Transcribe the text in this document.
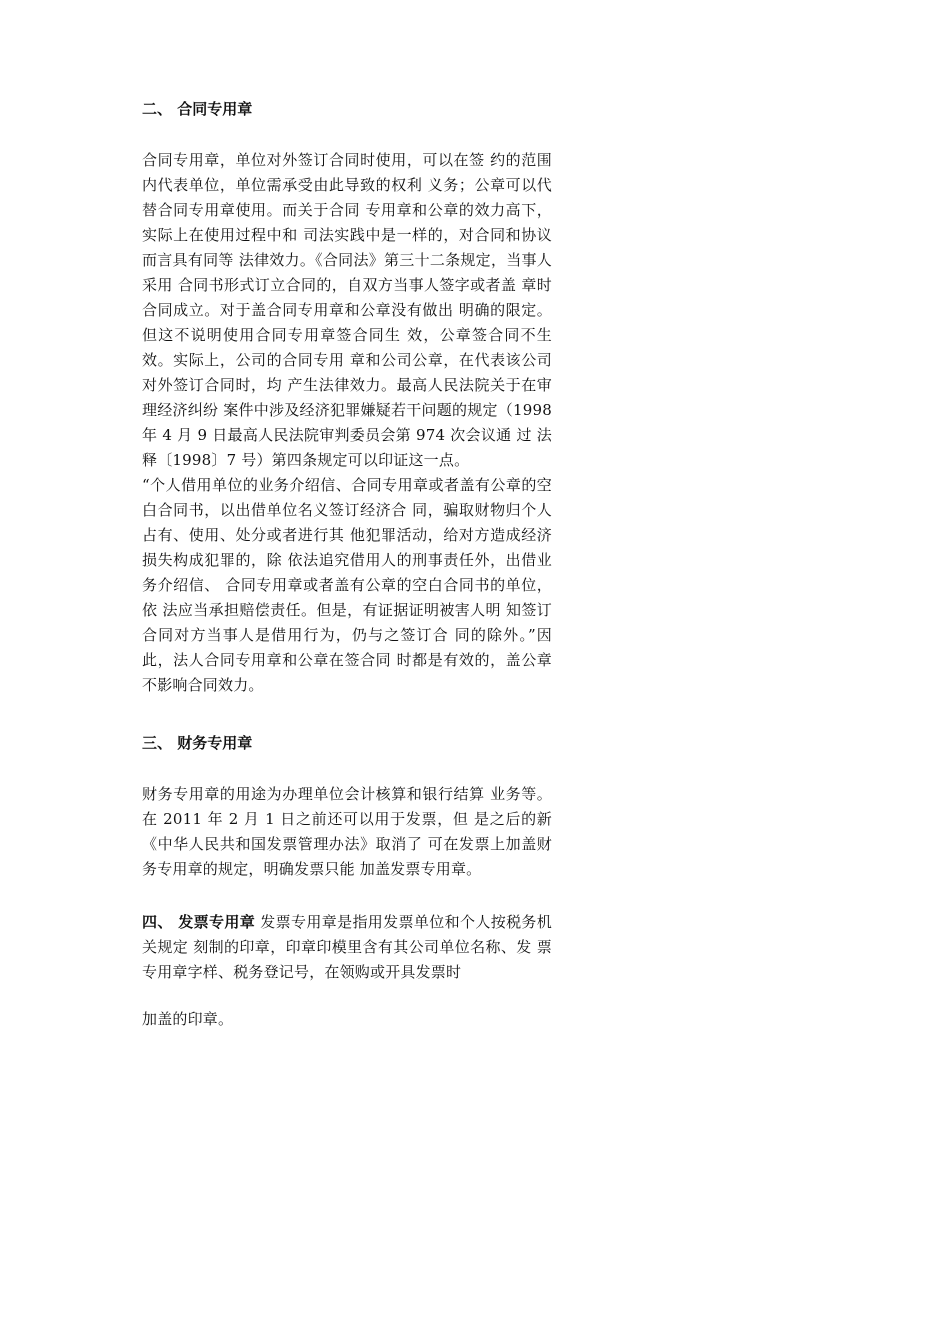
二、 合同专用章

合同专用章，单位对外签订合同时使用，可以在签 约的范围内代表单位，单位需承受由此导致的权利 义务；公章可以代替合同专用章使用。而关于合同 专用章和公章的效力高下，实际上在使用过程中和 司法实践中是一样的，对合同和协议而言具有同等 法律效力。《合同法》第三十二条规定，当事人采用 合同书形式订立合同的，自双方当事人签字或者盖 章时合同成立。对于盖合同专用章和公章没有做出 明确的限定。但这不说明使用合同专用章签合同生 效，公章签合同不生效。实际上，公司的合同专用 章和公司公章，在代表该公司对外签订合同时，均 产生法律效力。最高人民法院关于在审理经济纠纷 案件中涉及经济犯罪嫌疑若干问题的规定（1998 年 4 月 9 日最高人民法院审判委员会第 974 次会议通 过 法释〔1998〕7 号）第四条规定可以印证这一点。

“个人借用单位的业务介绍信、合同专用章或者盖有公章的空白合同书，以出借单位名义签订经济合 同，骗取财物归个人占有、使用、处分或者进行其 他犯罪活动，给对方造成经济损失构成犯罪的，除 依法追究借用人的刑事责任外，出借业务介绍信、 合同专用章或者盖有公章的空白合同书的单位，依 法应当承担赔偿责任。但是，有证据证明被害人明 知签订合同对方当事人是借用行为，仍与之签订合 同的除外。”因此，法人合同专用章和公章在签合同 时都是有效的，盖公章不影响合同效力。

三、 财务专用章

财务专用章的用途为办理单位会计核算和银行结算 业务等。在 2011 年 2 月 1 日之前还可以用于发票，但 是之后的新《中华人民共和国发票管理办法》取消了 可在发票上加盖财务专用章的规定，明确发票只能 加盖发票专用章。

四、 发票专用章 发票专用章是指用发票单位和个人按税务机关规定 刻制的印章，印章印模里含有其公司单位名称、发 票专用章字样、税务登记号，在领购或开具发票时

加盖的印章。
